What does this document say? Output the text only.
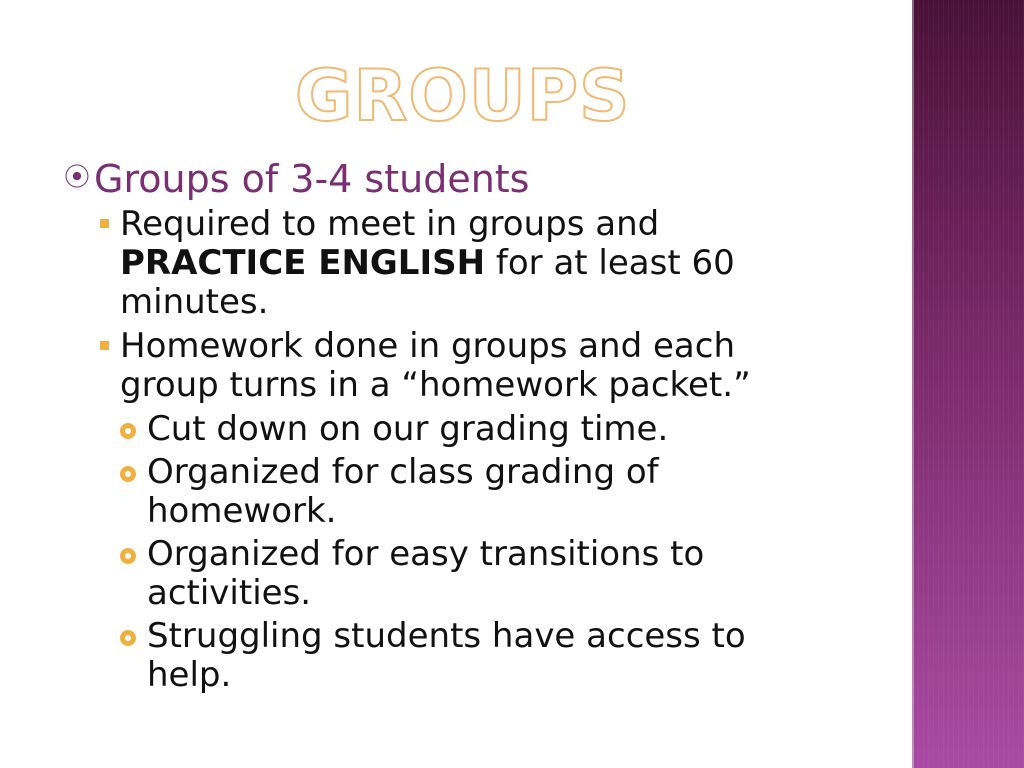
GROUPS
⦿ Groups of 3-4 students
Required to meet in groups and PRACTICE ENGLISH for at least 60 minutes.
Homework done in groups and each group turns in a “homework packet.”
Cut down on our grading time.
Organized for class grading of homework.
Organized for easy transitions to activities.
Struggling students have access to help.
